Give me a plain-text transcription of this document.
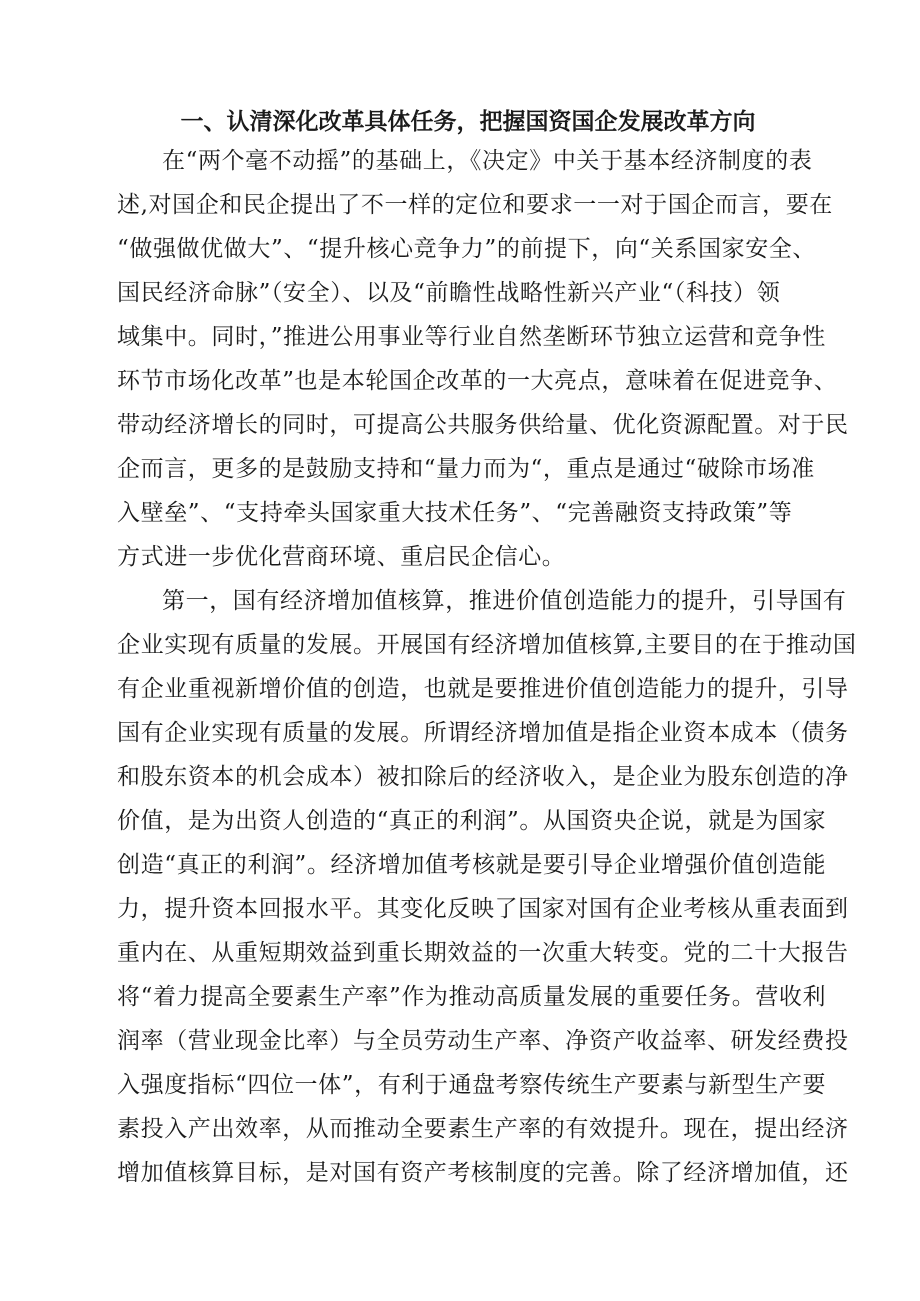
一、认清深化改革具体任务，把握国资国企发展改革方向
在“两个毫不动摇”的基础上，《决定》中关于基本经济制度的表
述,对国企和民企提出了不一样的定位和要求一一对于国企而言，要在
“做强做优做大”、“提升核心竞争力”的前提下，向“关系国家安全、
国民经济命脉”（安全）、以及“前瞻性战略性新兴产业“（科技）领
域集中。同时，”推进公用事业等行业自然垄断环节独立运营和竞争性
环节市场化改革”也是本轮国企改革的一大亮点，意味着在促进竞争、
带动经济增长的同时，可提高公共服务供给量、优化资源配置。对于民
企而言，更多的是鼓励支持和“量力而为“，重点是通过“破除市场准
入壁垒”、“支持牵头国家重大技术任务”、“完善融资支持政策”等
方式进一步优化营商环境、重启民企信心。
第一，国有经济增加值核算，推进价值创造能力的提升，引导国有
企业实现有质量的发展。开展国有经济增加值核算,主要目的在于推动国
有企业重视新增价值的创造，也就是要推进价值创造能力的提升，引导
国有企业实现有质量的发展。所谓经济增加值是指企业资本成本（债务
和股东资本的机会成本）被扣除后的经济收入，是企业为股东创造的净
价值，是为出资人创造的“真正的利润”。从国资央企说，就是为国家
创造“真正的利润”。经济增加值考核就是要引导企业增强价值创造能
力，提升资本回报水平。其变化反映了国家对国有企业考核从重表面到
重内在、从重短期效益到重长期效益的一次重大转变。党的二十大报告
将“着力提高全要素生产率”作为推动高质量发展的重要任务。营收利
润率（营业现金比率）与全员劳动生产率、净资产收益率、研发经费投
入强度指标“四位一体”，有利于通盘考察传统生产要素与新型生产要
素投入产出效率，从而推动全要素生产率的有效提升。现在，提出经济
增加值核算目标，是对国有资产考核制度的完善。除了经济增加值，还
